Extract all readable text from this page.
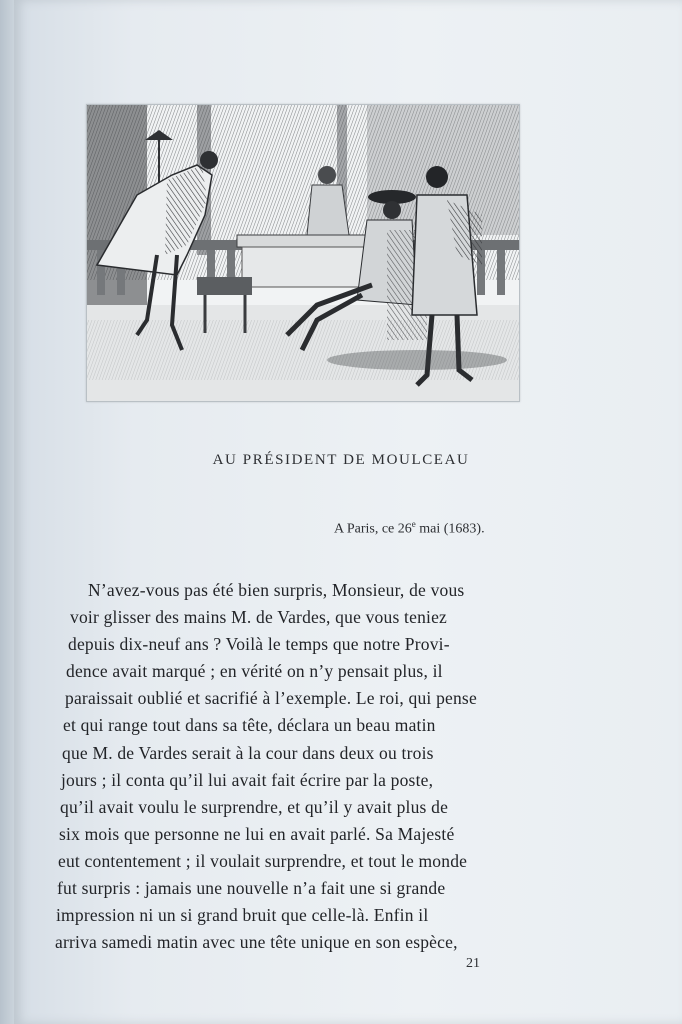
AU PRÉSIDENT DE MOULCEAU
A Paris, ce 26e mai (1683).
N’avez-vous pas été bien surpris, Monsieur, de vous
voir glisser des mains M. de Vardes, que vous teniez
depuis dix-neuf ans ? Voilà le temps que notre Provi-
dence avait marqué ; en vérité on n’y pensait plus, il
paraissait oublié et sacrifié à l’exemple. Le roi, qui pense
et qui range tout dans sa tête, déclara un beau matin
que M. de Vardes serait à la cour dans deux ou trois
jours ; il conta qu’il lui avait fait écrire par la poste,
qu’il avait voulu le surprendre, et qu’il y avait plus de
six mois que personne ne lui en avait parlé. Sa Majesté
eut contentement ; il voulait surprendre, et tout le monde
fut surpris : jamais une nouvelle n’a fait une si grande
impression ni un si grand bruit que celle-là. Enfin il
arriva samedi matin avec une tête unique en son espèce,
21
